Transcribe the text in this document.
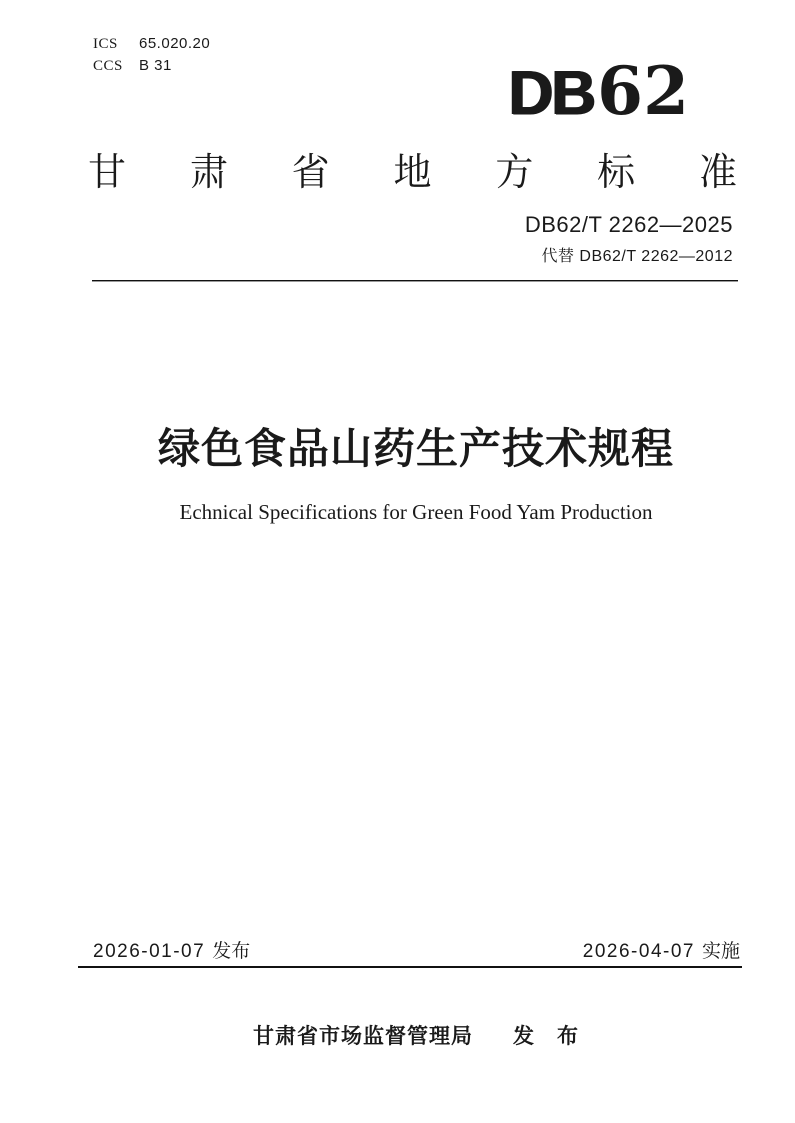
ICS 65.020.20
CCS B 31	DB 62
甘 肃 省 地 方 标 准
DB62/T 2262—2025
代替 DB62/T 2262—2012
绿色食品山药生产技术规程
Echnical Specifications for Green Food Yam Production
2026-01-07 发布	2026-04-07 实施
甘肃省市场监督管理局 发　布
